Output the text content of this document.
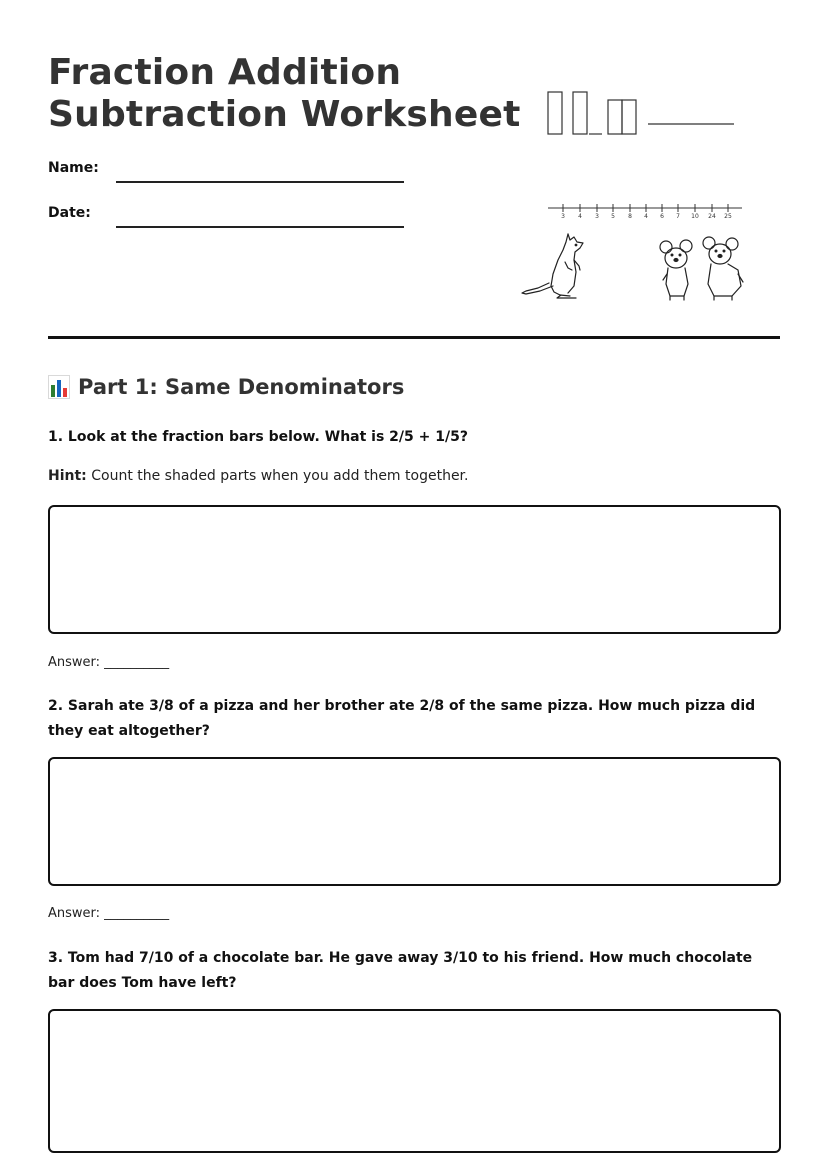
Fraction Addition
Subtraction Worksheet
Name:
Date:	3 4 3 5 8 4 6 7 10 24 25
Part 1: Same Denominators
1. Look at the fraction bars below. What is 2/5 + 1/5?
Hint: Count the shaded parts when you add them together.
Answer: __________
2. Sarah ate 3/8 of a pizza and her brother ate 2/8 of the same pizza. How much pizza did they eat altogether?
Answer: __________
3. Tom had 7/10 of a chocolate bar. He gave away 3/10 to his friend. How much chocolate bar does Tom have left?
